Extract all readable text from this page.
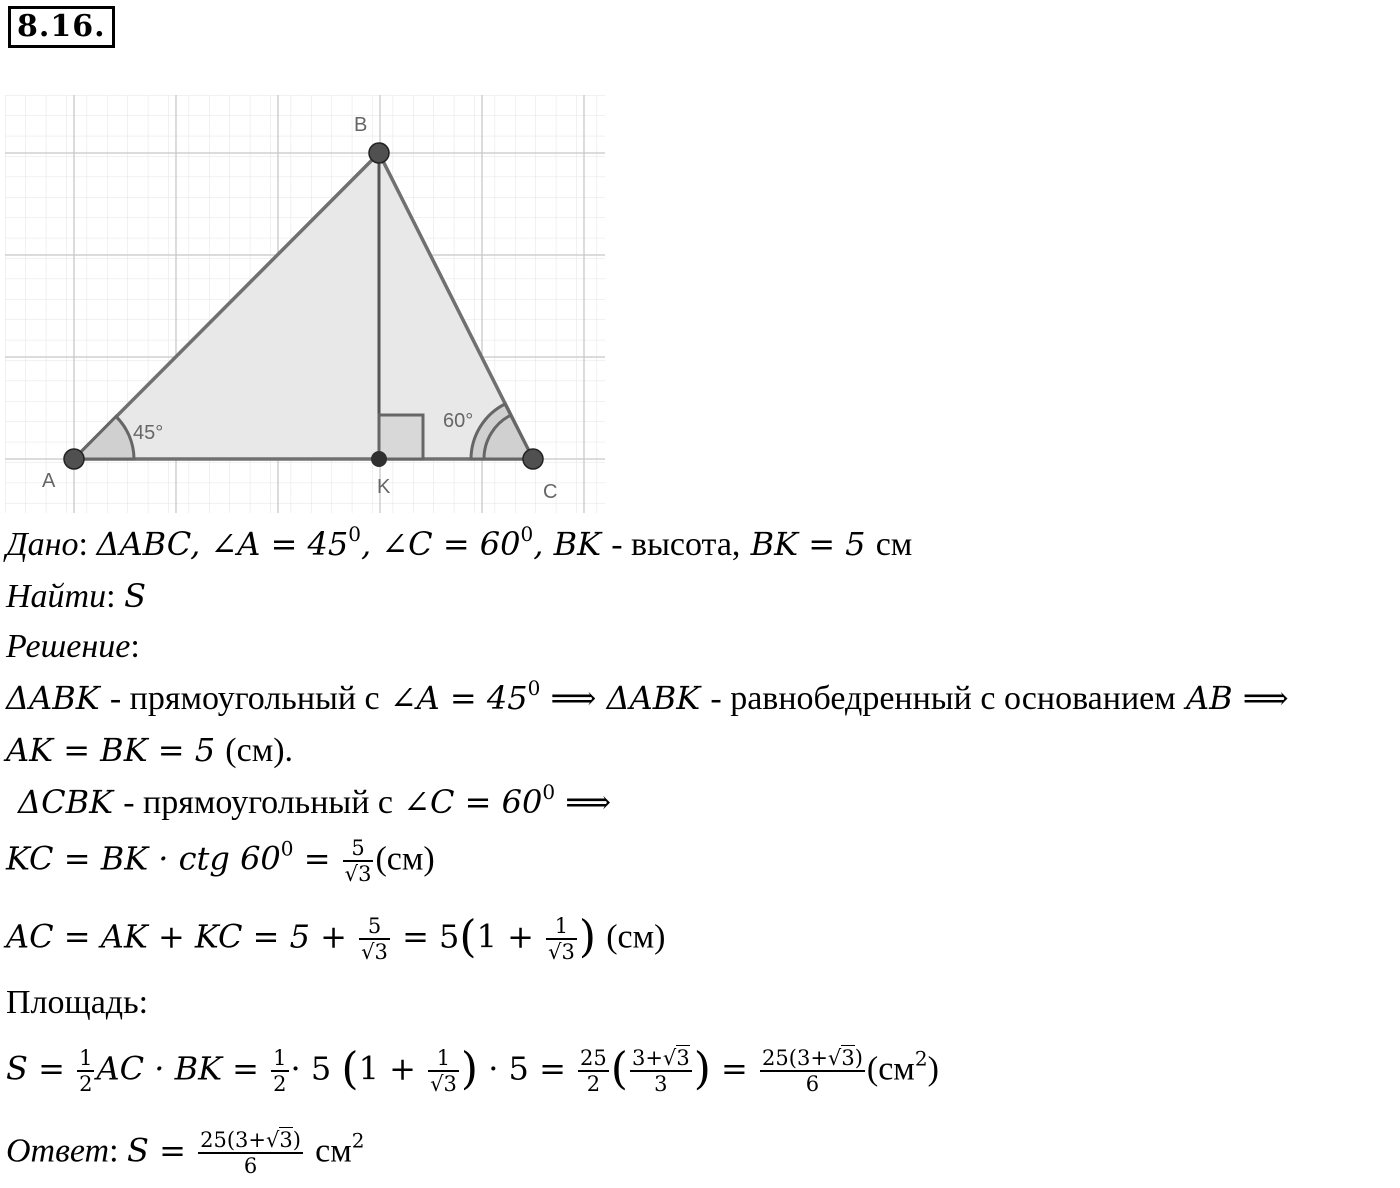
8.16.
A
B
C
K
45°
60°
Дано: ΔABC, ∠A = $45^0$, ∠C = $60^0$, BK - высота, BK = 5 см
Найти: S
Решение:
ΔABK - прямоугольный с ∠A = $45^0$ ⟹ ΔABK - равнобедренный с основанием AB ⟹
AK = BK = 5 (см).
ΔCBK - прямоугольный с ∠C = $60^0$ ⟹
KC = BK · ctg $60^0 = \frac{5}{√3} (см)$
AC = AK + KC = $5 + \frac{5}{√3} = 5(1 + \frac{1}{√3}$ ) (см)
Площадь:
$S = \frac{1}{2}$ AC · BK = $\frac{1}{2} \cdot 5$ ($1 + \frac{1}{√3}$ ) · $5 = \frac{25}{2}$ ( $\frac{3+√3}{3}$ ) = $\frac{25(3+√3)}{6} (см^2)$
Ответ: $S = \frac{25(3+√3)}{6} см^2$
